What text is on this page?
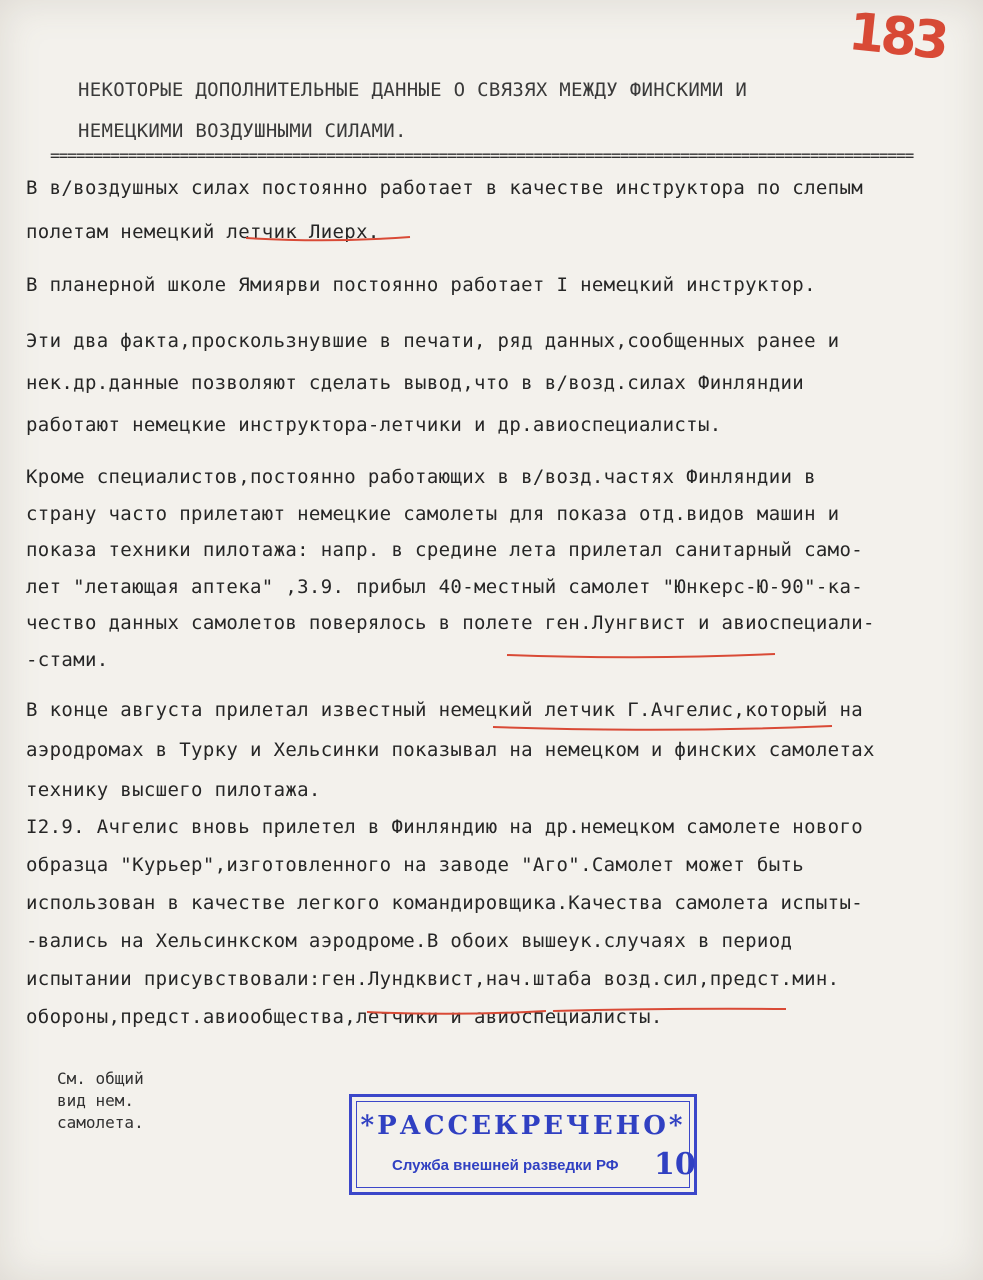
183
НЕКОТОРЫЕ ДОПОЛНИТЕЛЬНЫЕ ДАННЫЕ О СВЯЗЯХ МЕЖДУ ФИНСКИМИ И
НЕМЕЦКИМИ ВОЗДУШНЫМИ СИЛАМИ.
====================================================================================================

В в/воздушных силах постоянно работает в качестве инструктора по слепым
полетам немецкий летчик Лиерх.

В планерной школе Ямиярви постоянно работает I немецкий инструктор.

Эти два факта,проскользнувшие в печати, ряд данных,сообщенных ранее и
нек.др.данные позволяют сделать вывод,что в в/возд.силах Финляндии
работают немецкие инструктора-летчики и др.авиоспециалисты.

Кроме специалистов,постоянно работающих в в/возд.частях Финляндии в
страну часто прилетают немецкие самолеты для показа отд.видов машин и
показа техники пилотажа: напр. в средине лета прилетал санитарный само-
лет "летающая аптека" ,3.9. прибыл 40-местный самолет "Юнкерс-Ю-90"-ка-
чество данных самолетов поверялось в полете ген.Лунгвист и авиоспециали-
-стами.

В конце августа прилетал известный немецкий летчик Г.Ачгелис,который на
аэродромах в Турку и Хельсинки показывал на немецком и финских самолетах
технику высшего пилотажа.

I2.9. Ачгелис вновь прилетел в Финляндию на др.немецком самолете нового
образца "Курьер",изготовленного на заводе "Аго".Самолет может быть
использован в качестве легкого командировщика.Качества самолета испыты-
-вались на Хельсинкском аэродроме.В обоих вышеук.случаях в период
испытании присувствовали:ген.Лундквист,нач.штаба возд.сил,предст.мин.
обороны,предст.авиообщества,летчики и авиоспециалисты.

См. общий
вид нем.
самолета.	*РАССЕКРЕЧЕНО*
Служба внешней разведки РФ 10
